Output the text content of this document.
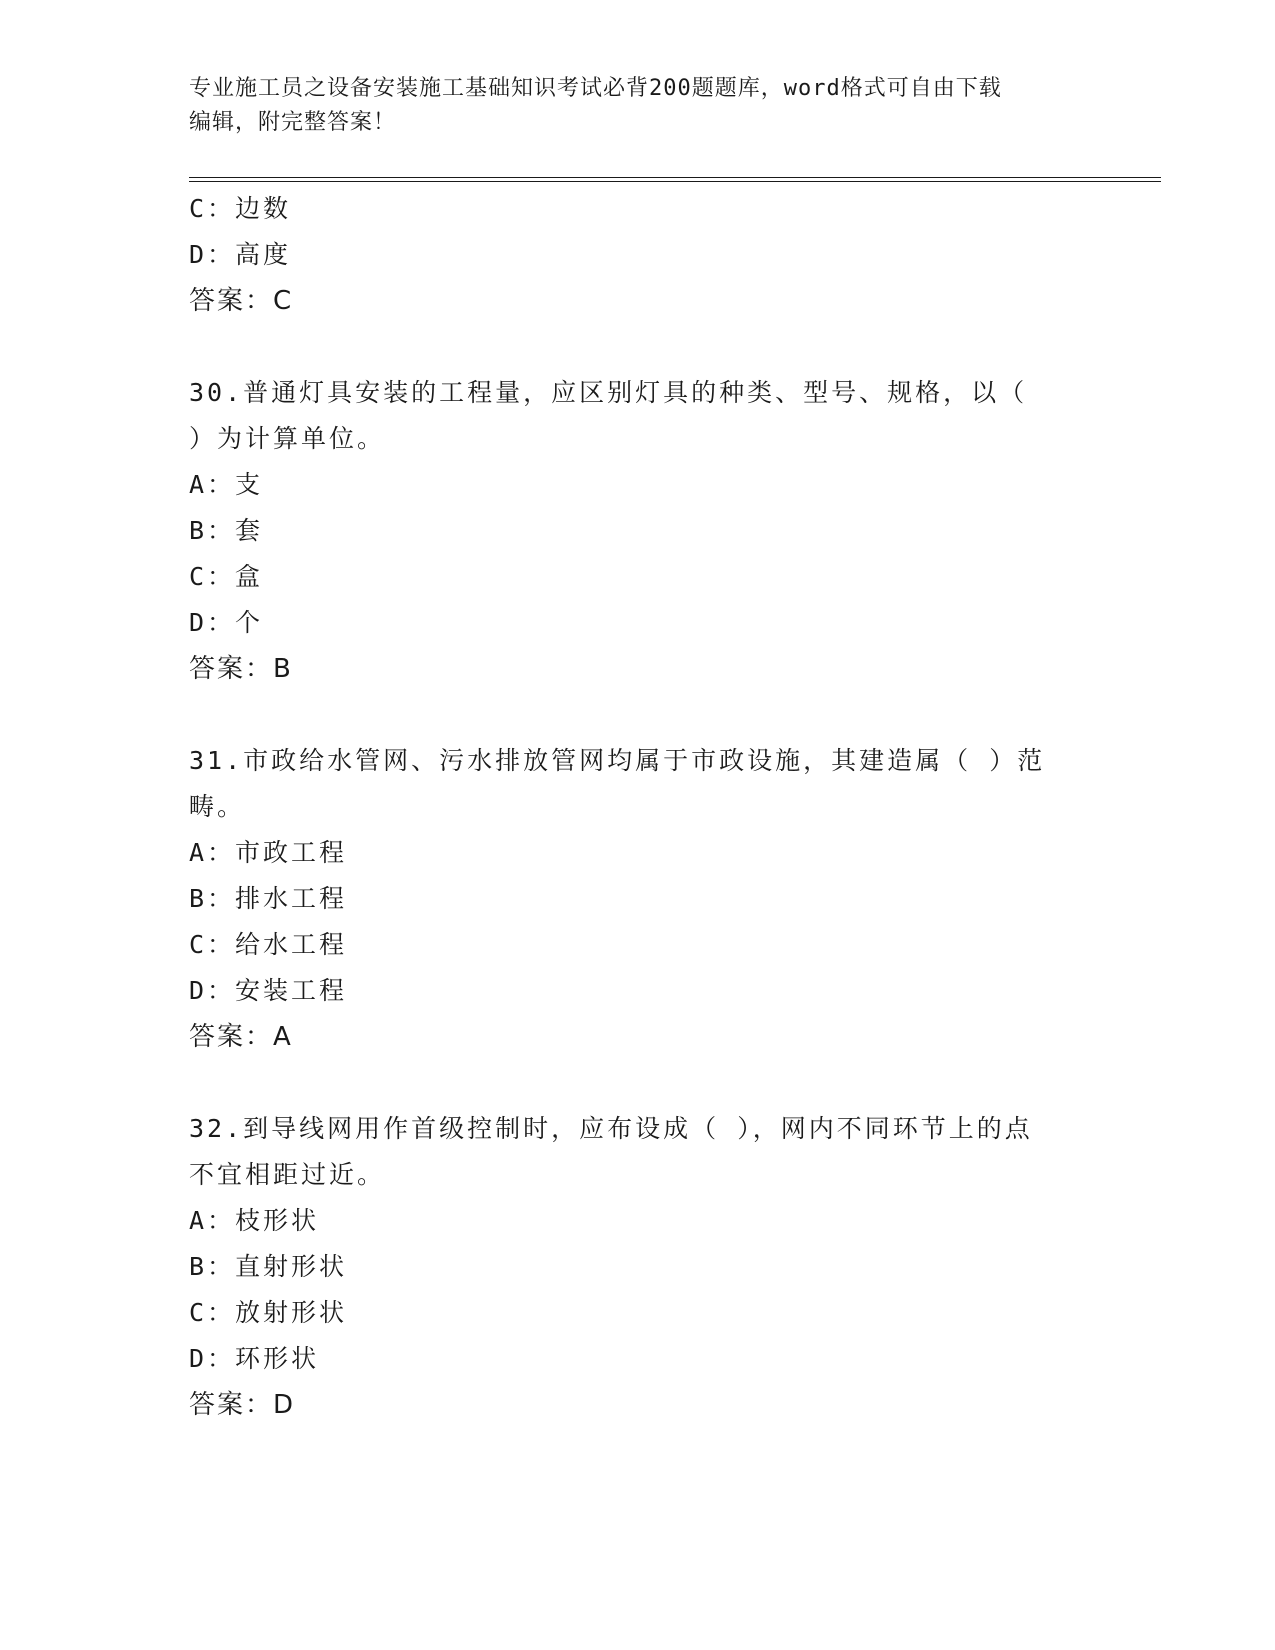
专业施工员之设备安装施工基础知识考试必背200题题库，word格式可自由下载
编辑，附完整答案！
C：边数
D：高度
答案：C
30.普通灯具安装的工程量，应区别灯具的种类、型号、规格，以（
）为计算单位。
A：支
B：套
C：盒
D：个
答案：B
31.市政给水管网、污水排放管网均属于市政设施，其建造属（ ）范
畴。
A：市政工程
B：排水工程
C：给水工程
D：安装工程
答案：A
32.到导线网用作首级控制时，应布设成（ ），网内不同环节上的点
不宜相距过近。
A：枝形状
B：直射形状
C：放射形状
D：环形状
答案：D
